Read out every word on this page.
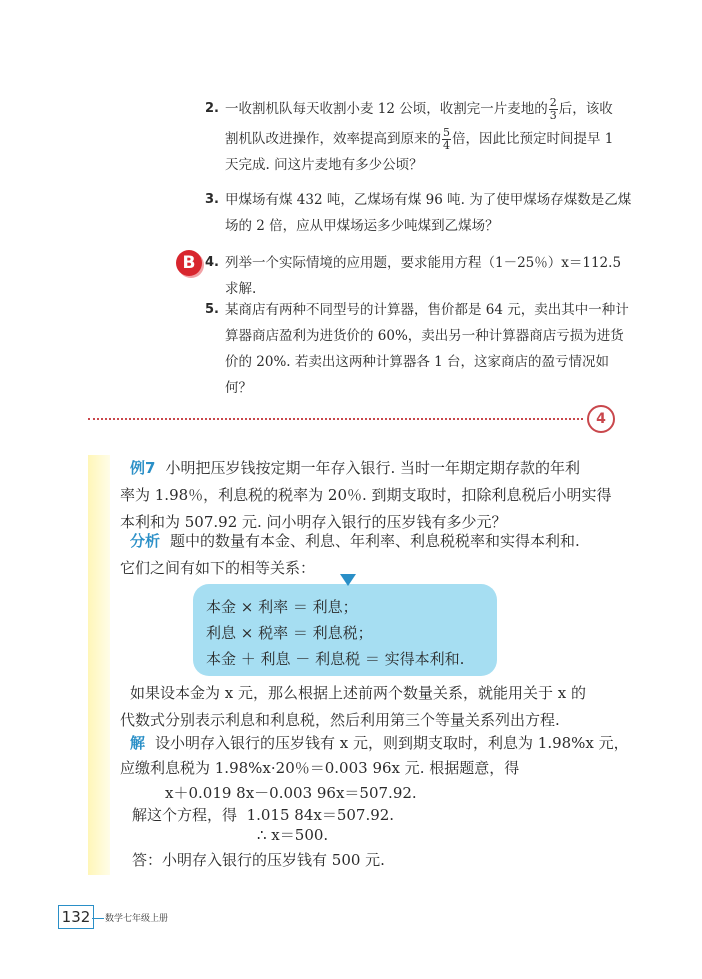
2. 一收割机队每天收割小麦 12 公顷，收割完一片麦地的 $\frac{2}{3}$ 后，该收
割机队改进操作，效率提高到原来的 $\frac{5}{4}$ 倍，因此比预定时间提早 1
天完成. 问这片麦地有多少公顷？
3. 甲煤场有煤 432 吨，乙煤场有煤 96 吨. 为了使甲煤场存煤数是乙煤
场的 2 倍，应从甲煤场运多少吨煤到乙煤场？
B 4. 列举一个实际情境的应用题，要求能用方程（1－25％）x＝112.5
求解.
5. 某商店有两种不同型号的计算器，售价都是 64 元，卖出其中一种计
算器商店盈利为进货价的 60%，卖出另一种计算器商店亏损为进货
价的 20%. 若卖出这两种计算器各 1 台，这家商店的盈亏情况如何？
4
例7 小明把压岁钱按定期一年存入银行. 当时一年期定期存款的年利
率为 1.98％，利息税的税率为 20％. 到期支取时，扣除利息税后小明实得
本利和为 507.92 元. 问小明存入银行的压岁钱有多少元？
分析 题中的数量有本金、利息、年利率、利息税税率和实得本利和.
它们之间有如下的相等关系：
本金 × 利率 ＝ 利息；
利息 × 税率 ＝ 利息税；
本金 ＋ 利息 － 利息税 ＝ 实得本利和.
如果设本金为 x 元，那么根据上述前两个数量关系，就能用关于 x 的
代数式分别表示利息和利息税，然后利用第三个等量关系列出方程.
解 设小明存入银行的压岁钱有 x 元，则到期支取时，利息为 1.98%x 元，
应缴利息税为 1.98%x·20％＝0.003 96x 元. 根据题意，得
x＋0.019 8x－0.003 96x＝507.92.
解这个方程，得 1.015 84x＝507.92.
∴ x＝500.
答：小明存入银行的压岁钱有 500 元.
132	数学七年级上册
